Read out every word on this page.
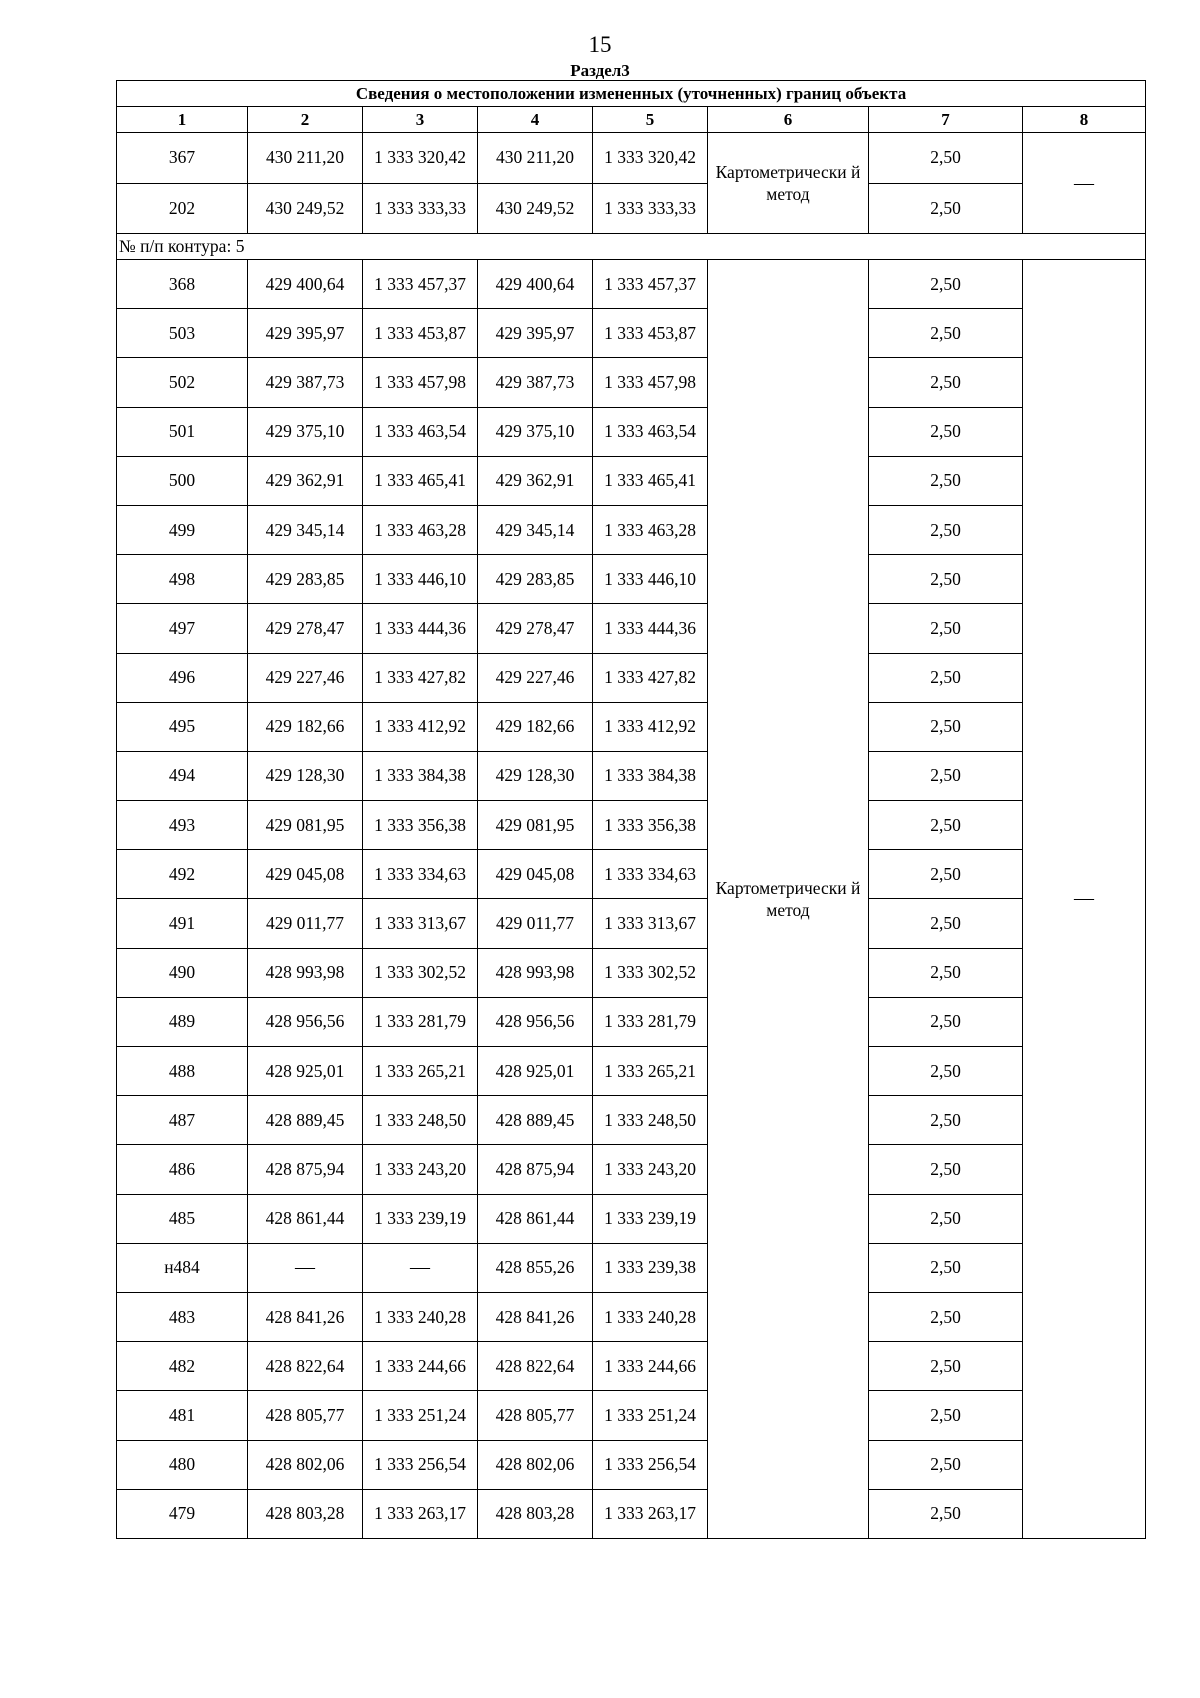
15
Раздел3
Сведения о местоположении измененных (уточненных) границ объекта							
1	2	3	4	5	6	7	8
367	430 211,20	1 333 320,42	430 211,20	1 333 320,42	Картометрически й метод	2,50	—
202	430 249,52	1 333 333,33	430 249,52	1 333 333,33		2,50	
№ п/п контура: 5							
368	429 400,64	1 333 457,37	429 400,64	1 333 457,37	Картометрически й метод	2,50	—
503	429 395,97	1 333 453,87	429 395,97	1 333 453,87		2,50	
502	429 387,73	1 333 457,98	429 387,73	1 333 457,98		2,50	
501	429 375,10	1 333 463,54	429 375,10	1 333 463,54		2,50	
500	429 362,91	1 333 465,41	429 362,91	1 333 465,41		2,50	
499	429 345,14	1 333 463,28	429 345,14	1 333 463,28		2,50	
498	429 283,85	1 333 446,10	429 283,85	1 333 446,10		2,50	
497	429 278,47	1 333 444,36	429 278,47	1 333 444,36		2,50	
496	429 227,46	1 333 427,82	429 227,46	1 333 427,82		2,50	
495	429 182,66	1 333 412,92	429 182,66	1 333 412,92		2,50	
494	429 128,30	1 333 384,38	429 128,30	1 333 384,38		2,50	
493	429 081,95	1 333 356,38	429 081,95	1 333 356,38		2,50	
492	429 045,08	1 333 334,63	429 045,08	1 333 334,63		2,50	
491	429 011,77	1 333 313,67	429 011,77	1 333 313,67		2,50	
490	428 993,98	1 333 302,52	428 993,98	1 333 302,52		2,50	
489	428 956,56	1 333 281,79	428 956,56	1 333 281,79		2,50	
488	428 925,01	1 333 265,21	428 925,01	1 333 265,21		2,50	
487	428 889,45	1 333 248,50	428 889,45	1 333 248,50		2,50	
486	428 875,94	1 333 243,20	428 875,94	1 333 243,20		2,50	
485	428 861,44	1 333 239,19	428 861,44	1 333 239,19		2,50	
н484	—	—	428 855,26	1 333 239,38		2,50	
483	428 841,26	1 333 240,28	428 841,26	1 333 240,28		2,50	
482	428 822,64	1 333 244,66	428 822,64	1 333 244,66		2,50	
481	428 805,77	1 333 251,24	428 805,77	1 333 251,24		2,50	
480	428 802,06	1 333 256,54	428 802,06	1 333 256,54		2,50	
479	428 803,28	1 333 263,17	428 803,28	1 333 263,17		2,50	
